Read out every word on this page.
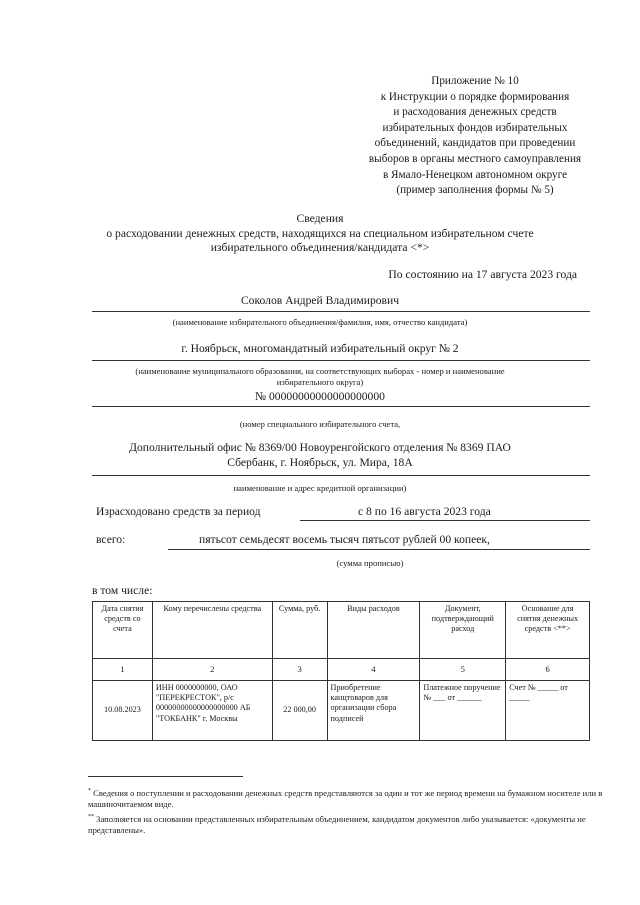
Приложение № 10
к Инструкции о порядке формирования
и расходования денежных средств
избирательных фондов избирательных
объединений, кандидатов при проведении
выборов в органы местного самоуправления
в Ямало-Ненецком автономном округе
(пример заполнения формы № 5)
Сведения
о расходовании денежных средств, находящихся на специальном избирательном счете
избирательного объединения/кандидата <*>
По состоянию на 17 августа 2023 года
Соколов Андрей Владимирович
(наименование избирательного объединения/фамилия, имя, отчество кандидата)
г. Ноябрьск, многомандатный избирательный округ № 2
(наименование муниципального образования, на соответствующих выборах - номер и наименование
избирательного округа)
№ 00000000000000000000
(номер специального избирательного счета,
Дополнительный офис № 8369/00 Новоуренгойского отделения № 8369 ПАО
Сбербанк, г. Ноябрьск, ул. Мира, 18А
наименование и адрес кредитной организации)
Израсходовано средств за период	с 8 по 16 августа 2023 года
всего:	пятьсот семьдесят восемь тысяч пятьсот рублей 00 копеек,
(сумма прописью)
в том числе:
Дата снятия средств со счета	Кому перечислены средства	Сумма, руб.	Виды расходов	Документ, подтверждающий расход	Основание для снятия денежных средств <**>
1	2	3	4	5	6
10.08.2023	ИНН 0000000000, ОАО "ПЕРЕКРЕСТОК", р/с 00000000000000000000 АБ "ТОКБАНК" г. Москвы	22 000,00	Приобретение канцтоваров для организации сбора подписей	Платежное поручение № ___ от ______	Счет № _____ от _____
* Сведения о поступлении и расходовании денежных средств представляются за один и тот же период времени на бумажном носителе или в машиночитаемом виде.
** Заполняется на основании представленных избирательным объединением, кандидатом документов либо указывается: «документы не представлены».
